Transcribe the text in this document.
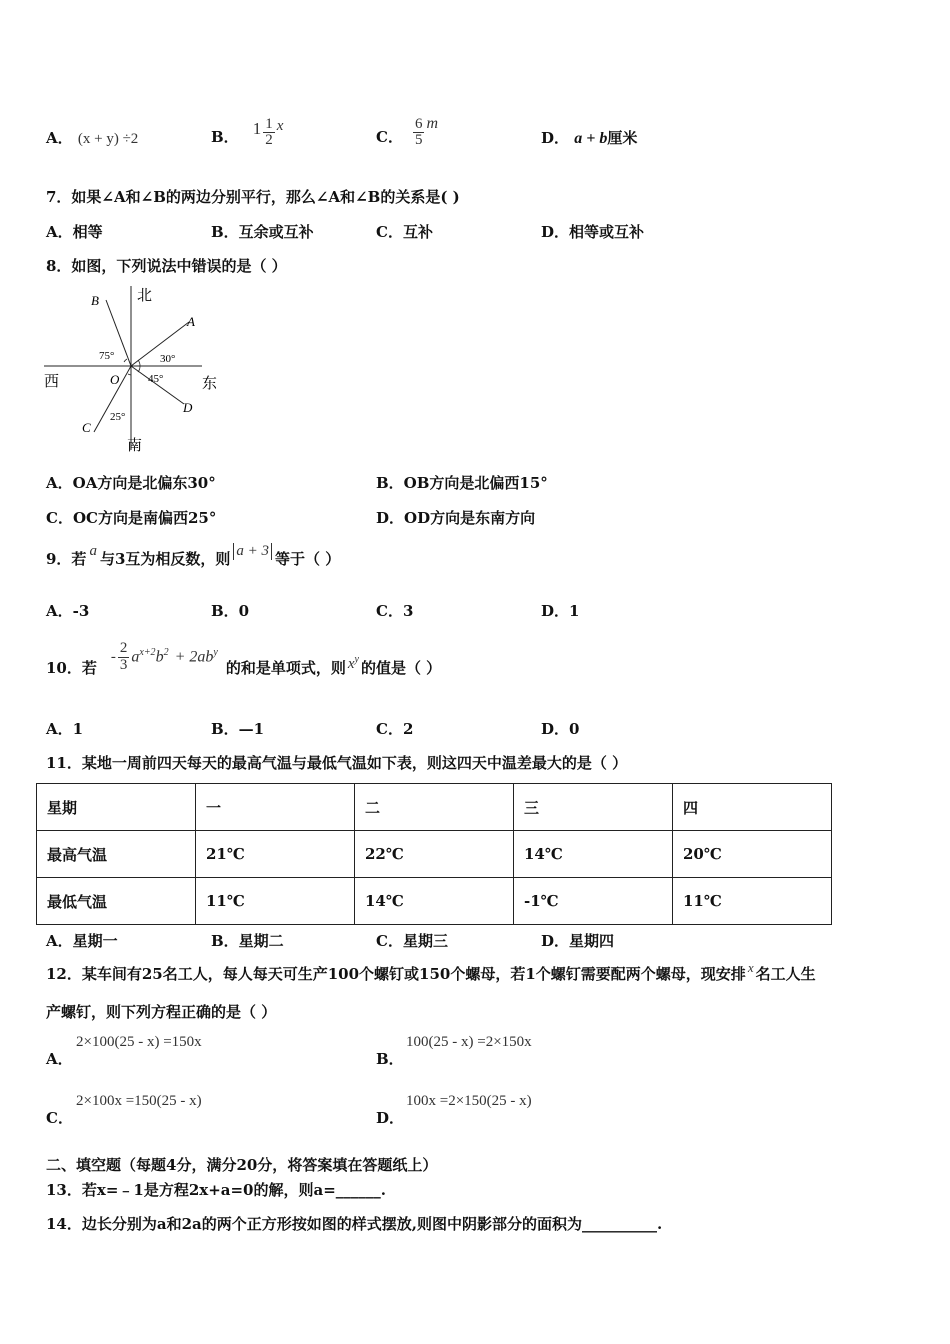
A． (x + y) ÷2	B． $1 \frac{1}{2}$ x
C． $\frac{6}{5}$ m
D． a + b厘米
7．如果∠A和∠B的两边分别平行，那么∠A和∠B的关系是( )
A．相等	B．互余或互补	C．互补	D．相等或互补
8．如图，下列说法中错误的是（ ）
北
南
东
西
A
B
C
D
O
75°	30°
45°
25°
A．OA方向是北偏东30°	B．OB方向是北偏西15°
C．OC方向是南偏西25°	D．OD方向是东南方向
9．若 a 与3互为相反数，则 a + 3 等于（ ）
A．-3	B．0	C．3	D．1
10．若
- $\frac{2}{3} a^{x+2}b^2 + 2ab^y$
的和是单项式，则 $x^y$ 的值是（ ）
A．1	B．—1	C．2	D．0
11．某地一周前四天每天的最高气温与最低气温如下表，则这四天中温差最大的是（ ）
星期	一	二	三	四
最高气温	21℃	22℃	14℃	20℃
最低气温	11℃	14℃	-1℃	11℃
A．星期一	B．星期二	C．星期三	D．星期四
12．某车间有25名工人，每人每天可生产100个螺钉或150个螺母，若1个螺钉需要配两个螺母，现安排 x 名工人生
产螺钉，则下列方程正确的是（ ）
A．
2×100(25 - x) =150x
B．
100(25 - x) =2×150x
C．
2×100x =150(25 - x)
D．
100x =2×150(25 - x)
二、填空题（每题4分，满分20分，将答案填在答题纸上）
13．若x=﹣1是方程2x+a=0的解，则a=______.
14．边长分别为a和2a的两个正方形按如图的样式摆放,则图中阴影部分的面积为__________.
